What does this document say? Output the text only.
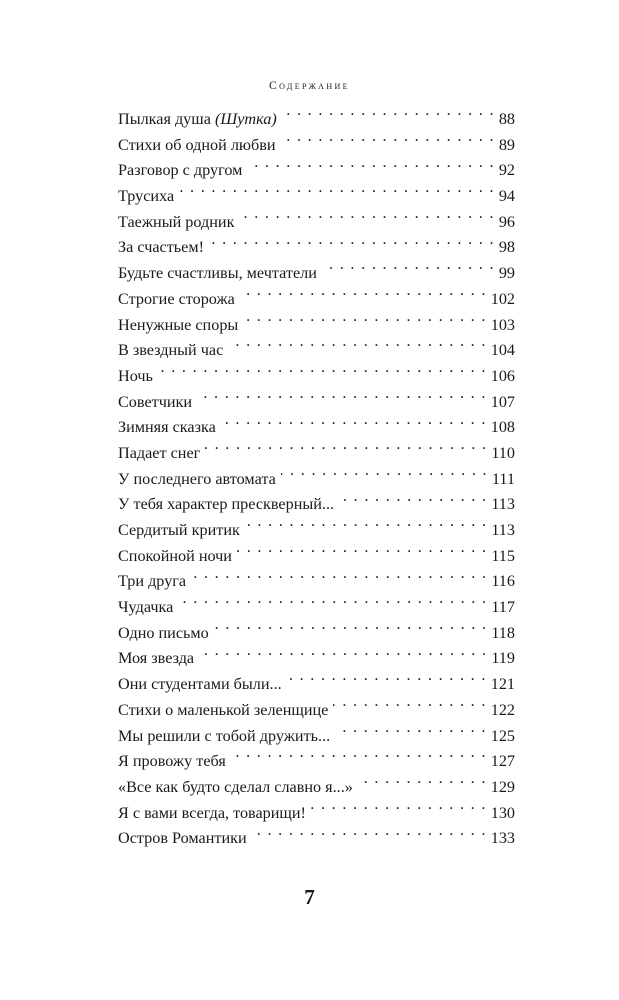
Содержание
Пылкая душа (Шутка) . . .	88
Стихи об одной любви . . .	89
Разговор с другом . . .	92
Трусиха . . .	94
Таежный родник . . .	96
За счастьем! . . .	98
Будьте счастливы, мечтатели . . .	99
Строгие сторожа . . .	102
Ненужные споры . . .	103
В звездный час . . .	104
Ночь . . .	106
Советчики . . .	107
Зимняя сказка . . .	108
Падает снег . . .	110
У последнего автомата . . .	111
У тебя характер прескверный... . . .	113
Сердитый критик . . .	113
Спокойной ночи . . .	115
Три друга . . .	116
Чудачка . . .	117
Одно письмо . . .	118
Моя звезда . . .	119
Они студентами были... . . .	121
Стихи о маленькой зеленщице . . .	122
Мы решили с тобой дружить... . . .	125
Я провожу тебя . . .	127
«Все как будто сделал славно я...» . . .	129
Я с вами всегда, товарищи! . . .	130
Остров Романтики . . .	133
7
